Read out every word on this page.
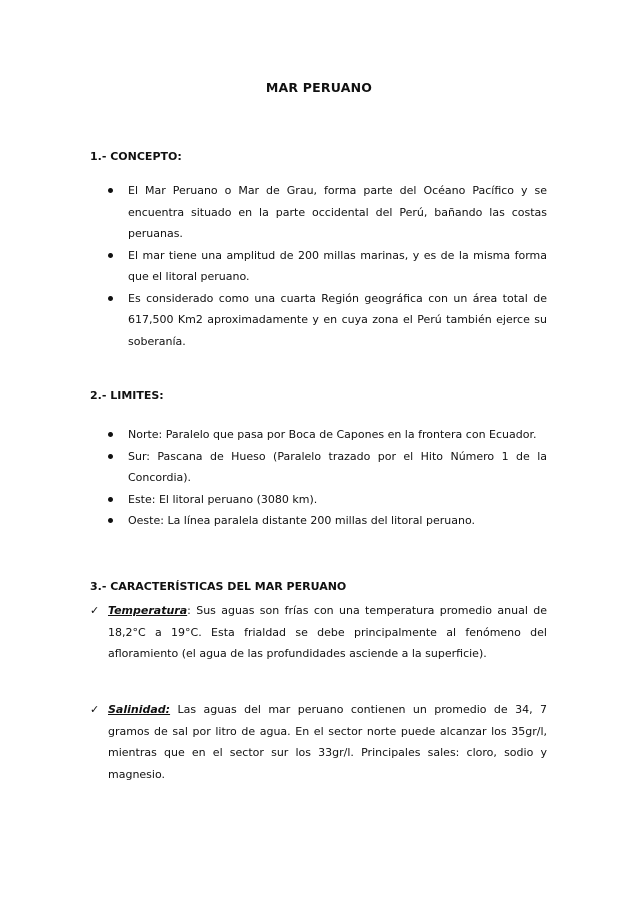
MAR PERUANO
1.- CONCEPTO:
El Mar Peruano o Mar de Grau, forma parte del Océano Pacífico y se encuentra situado en la parte occidental del Perú, bañando las costas peruanas.
El mar tiene una amplitud de 200 millas marinas, y es de la misma forma que el litoral peruano.
Es considerado como una cuarta Región geográfica con un área total de 617,500 Km2 aproximadamente y en cuya zona el Perú también ejerce su soberanía.
2.- LIMITES:
Norte: Paralelo que pasa por Boca de Capones en la frontera con Ecuador.
Sur: Pascana de Hueso (Paralelo trazado por el Hito Número 1 de la Concordia).
Este: El litoral peruano (3080 km).
Oeste: La línea paralela distante 200 millas del litoral peruano.
3.- CARACTERÍSTICAS DEL MAR PERUANO
✓ Temperatura: Sus aguas son frías con una temperatura promedio anual de 18,2°C a 19°C. Esta frialdad se debe principalmente al fenómeno del afloramiento (el agua de las profundidades asciende a la superficie).
✓ Salinidad: Las aguas del mar peruano contienen un promedio de 34, 7 gramos de sal por litro de agua. En el sector norte puede alcanzar los 35gr/l, mientras que en el sector sur los 33gr/l. Principales sales: cloro, sodio y magnesio.
